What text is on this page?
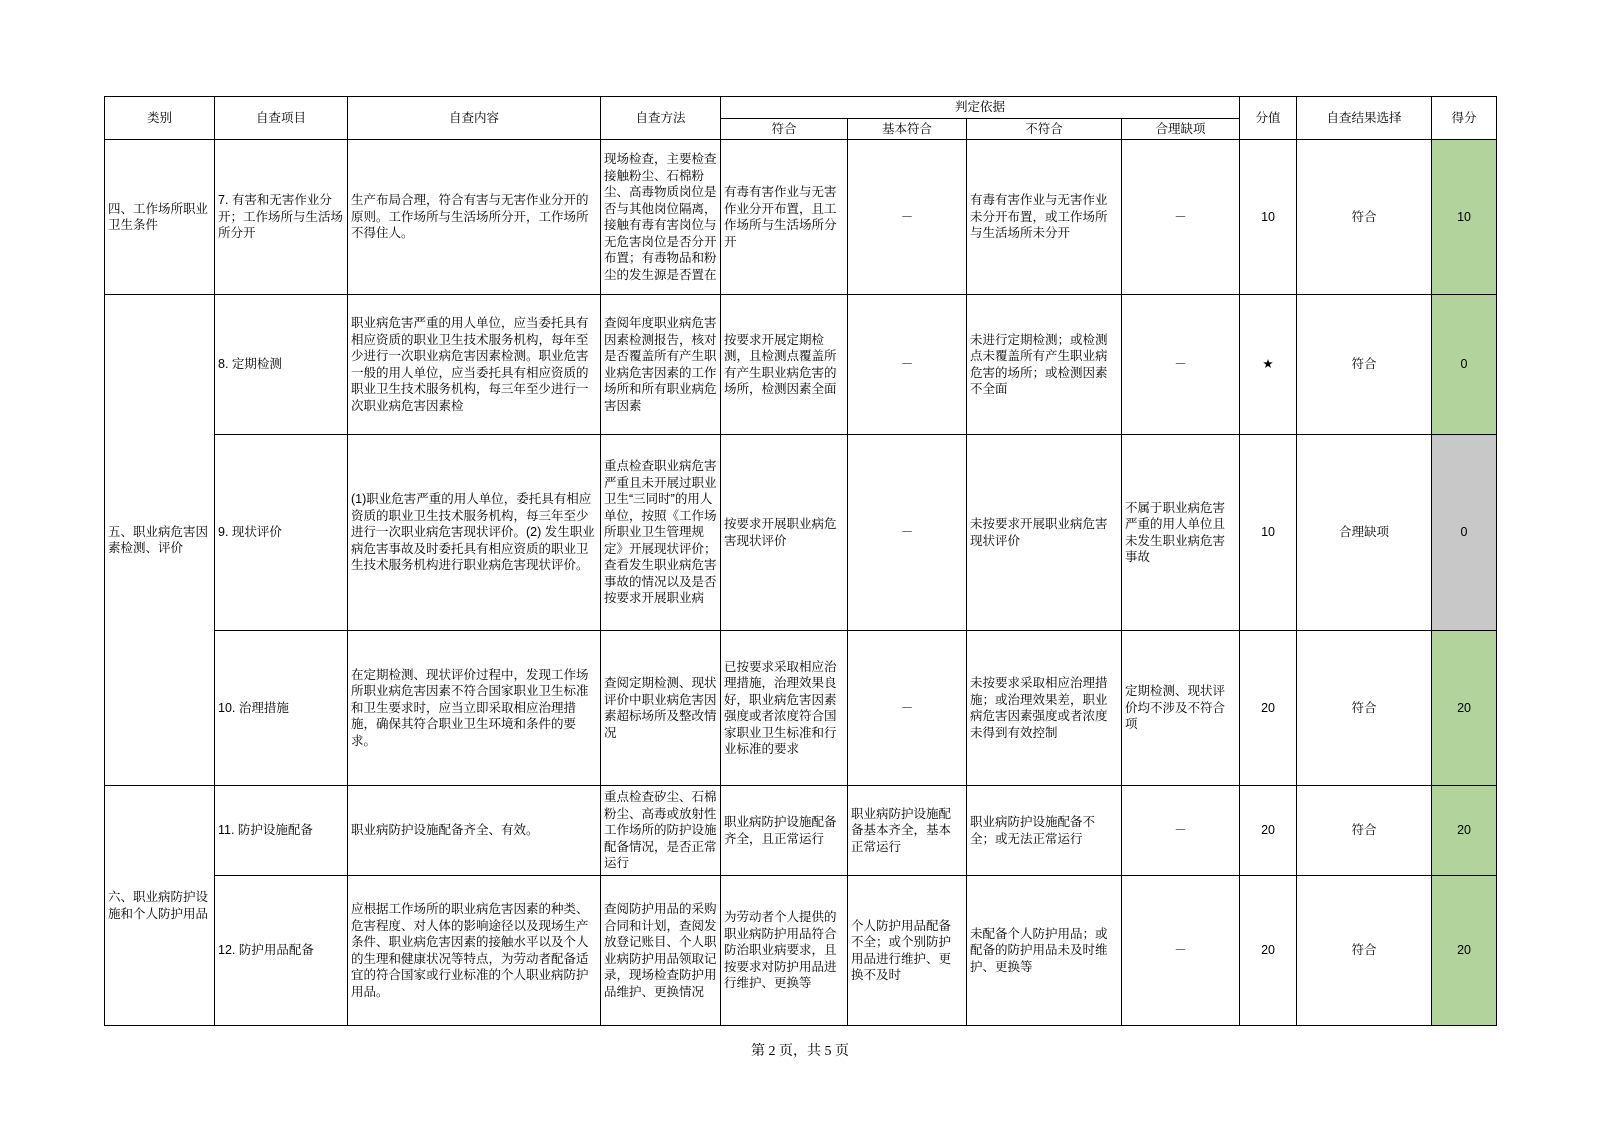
类别	自查项目	自查内容	自查方法	判定依据				分值	自查结果选择	得分
				符合	基本符合	不符合	合理缺项			
四、工作场所职业卫生条件	7. 有害和无害作业分开；工作场所与生活场所分开	生产布局合理，符合有害与无害作业分开的原则。工作场所与生活场所分开，工作场所不得住人。	现场检查，主要检查接触粉尘、石棉粉尘、高毒物质岗位是否与其他岗位隔离，接触有毒有害岗位与无危害岗位是否分开布置；有毒物品和粉尘的发生源是否置在	有毒有害作业与无害作业分开布置，且工作场所与生活场所分开	－	有毒有害作业与无害作业未分开布置，或工作场所与生活场所未分开	－	10	符合	10
五、职业病危害因素检测、评价	8. 定期检测	职业病危害严重的用人单位，应当委托具有相应资质的职业卫生技术服务机构，每年至少进行一次职业病危害因素检测。职业危害一般的用人单位，应当委托具有相应资质的职业卫生技术服务机构，每三年至少进行一次职业病危害因素检	查阅年度职业病危害因素检测报告，核对是否覆盖所有产生职业病危害因素的工作场所和所有职业病危害因素	按要求开展定期检测，且检测点覆盖所有产生职业病危害的场所，检测因素全面	－	未进行定期检测；或检测点未覆盖所有产生职业病危害的场所；或检测因素不全面	－	★	符合	0
	9. 现状评价	(1)职业危害严重的用人单位，委托具有相应资质的职业卫生技术服务机构，每三年至少进行一次职业病危害现状评价。(2) 发生职业病危害事故及时委托具有相应资质的职业卫生技术服务机构进行职业病危害现状评价。	重点检查职业病危害严重且未开展过职业卫生“三同时”的用人单位，按照《工作场所职业卫生管理规定》开展现状评价；查看发生职业病危害事故的情况以及是否按要求开展职业病	按要求开展职业病危害现状评价	－	未按要求开展职业病危害现状评价	不属于职业病危害严重的用人单位且未发生职业病危害事故	10	合理缺项	0
	10. 治理措施	在定期检测、现状评价过程中，发现工作场所职业病危害因素不符合国家职业卫生标准和卫生要求时，应当立即采取相应治理措施，确保其符合职业卫生环境和条件的要求。	查阅定期检测、现状评价中职业病危害因素超标场所及整改情况	已按要求采取相应治理措施，治理效果良好，职业病危害因素强度或者浓度符合国家职业卫生标准和行业标准的要求	－	未按要求采取相应治理措施；或治理效果差，职业病危害因素强度或者浓度未得到有效控制	定期检测、现状评价均不涉及不符合项	20	符合	20
六、职业病防护设施和个人防护用品	11. 防护设施配备	职业病防护设施配备齐全、有效。	重点检查矽尘、石棉粉尘、高毒或放射性工作场所的防护设施配备情况，是否正常运行	职业病防护设施配备齐全，且正常运行	职业病防护设施配备基本齐全，基本正常运行	职业病防护设施配备不全；或无法正常运行	－	20	符合	20
	12. 防护用品配备	应根据工作场所的职业病危害因素的种类、危害程度、对人体的影响途径以及现场生产条件、职业病危害因素的接触水平以及个人的生理和健康状况等特点，为劳动者配备适宜的符合国家或行业标准的个人职业病防护用品。	查阅防护用品的采购合同和计划，查阅发放登记账目、个人职业病防护用品领取记录，现场检查防护用品维护、更换情况	为劳动者个人提供的职业病防护用品符合防治职业病要求，且按要求对防护用品进行维护、更换等	个人防护用品配备不全；或个别防护用品进行维护、更换不及时	未配备个人防护用品；或配备的防护用品未及时维护、更换等	－	20	符合	20
第 2 页，共 5 页
